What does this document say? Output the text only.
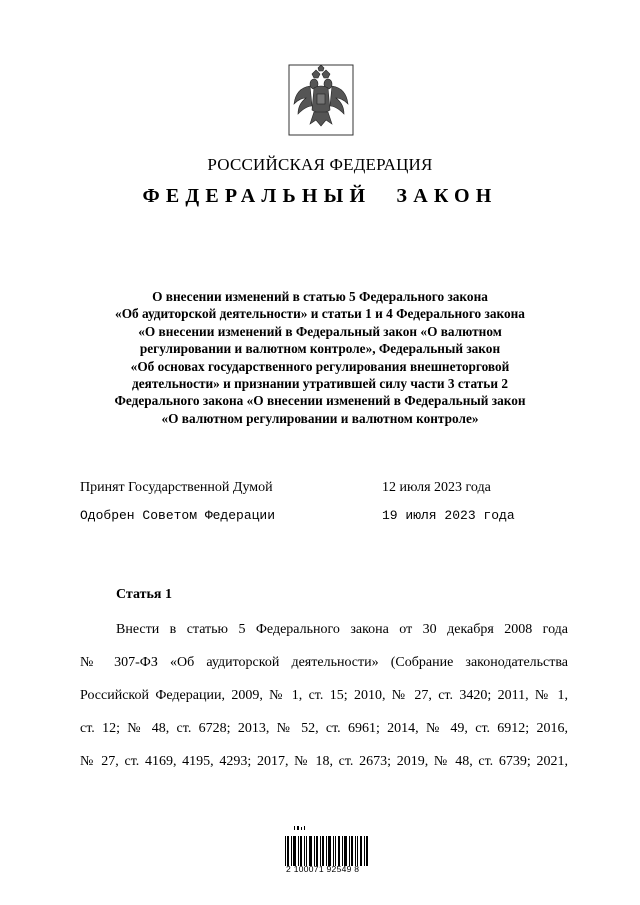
РОССИЙСКАЯ ФЕДЕРАЦИЯ
ФЕДЕРАЛЬНЫЙ ЗАКОН
О внесении изменений в статью 5 Федерального закона
«Об аудиторской деятельности» и статьи 1 и 4 Федерального закона
«О внесении изменений в Федеральный закон «О валютном
регулировании и валютном контроле», Федеральный закон
«Об основах государственного регулирования внешнеторговой
деятельности» и признании утратившей силу части 3 статьи 2
Федерального закона «О внесении изменений в Федеральный закон
«О валютном регулировании и валютном контроле»
Принят Государственной Думой	12 июля 2023 года
Одобрен Советом Федерации	19 июля 2023 года
Статья 1
Внести в статью 5 Федерального закона от 30 декабря 2008 года
№ 307-ФЗ «Об аудиторской деятельности» (Собрание законодательства
Российской Федерации, 2009, № 1, ст. 15; 2010, № 27, ст. 3420; 2011, № 1,
ст. 12; № 48, ст. 6728; 2013, № 52, ст. 6961; 2014, № 49, ст. 6912; 2016,
№ 27, ст. 4169, 4195, 4293; 2017, № 18, ст. 2673; 2019, № 48, ст. 6739; 2021,
2 100071 92549 8
